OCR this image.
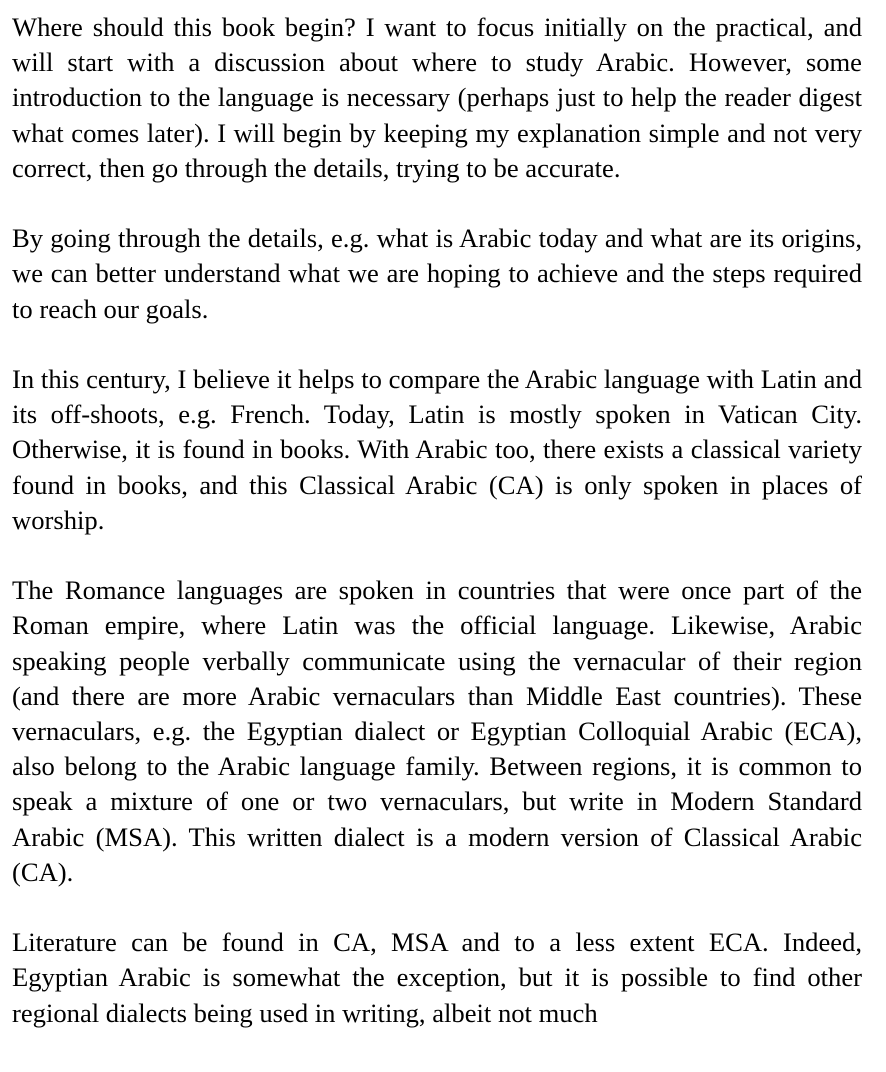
Where should this book begin? I want to focus initially on the practical, and will start with a discussion about where to study Arabic. However, some introduction to the language is necessary (perhaps just to help the reader digest what comes later). I will begin by keeping my explanation simple and not very correct, then go through the details, trying to be accurate.

By going through the details, e.g. what is Arabic today and what are its origins, we can better understand what we are hoping to achieve and the steps required to reach our goals.

In this century, I believe it helps to compare the Arabic language with Latin and its off-shoots, e.g. French. Today, Latin is mostly spoken in Vatican City. Otherwise, it is found in books. With Arabic too, there exists a classical variety found in books, and this Classical Arabic (CA) is only spoken in places of worship.

The Romance languages are spoken in countries that were once part of the Roman empire, where Latin was the official language. Likewise, Arabic speaking people verbally communicate using the vernacular of their region (and there are more Arabic vernaculars than Middle East countries). These vernaculars, e.g. the Egyptian dialect or Egyptian Colloquial Arabic (ECA), also belong to the Arabic language family. Between regions, it is common to speak a mixture of one or two vernaculars, but write in Modern Standard Arabic (MSA). This written dialect is a modern version of Classical Arabic (CA).

Literature can be found in CA, MSA and to a less extent ECA. Indeed, Egyptian Arabic is somewhat the exception, but it is possible to find other regional dialects being used in writing, albeit not much
